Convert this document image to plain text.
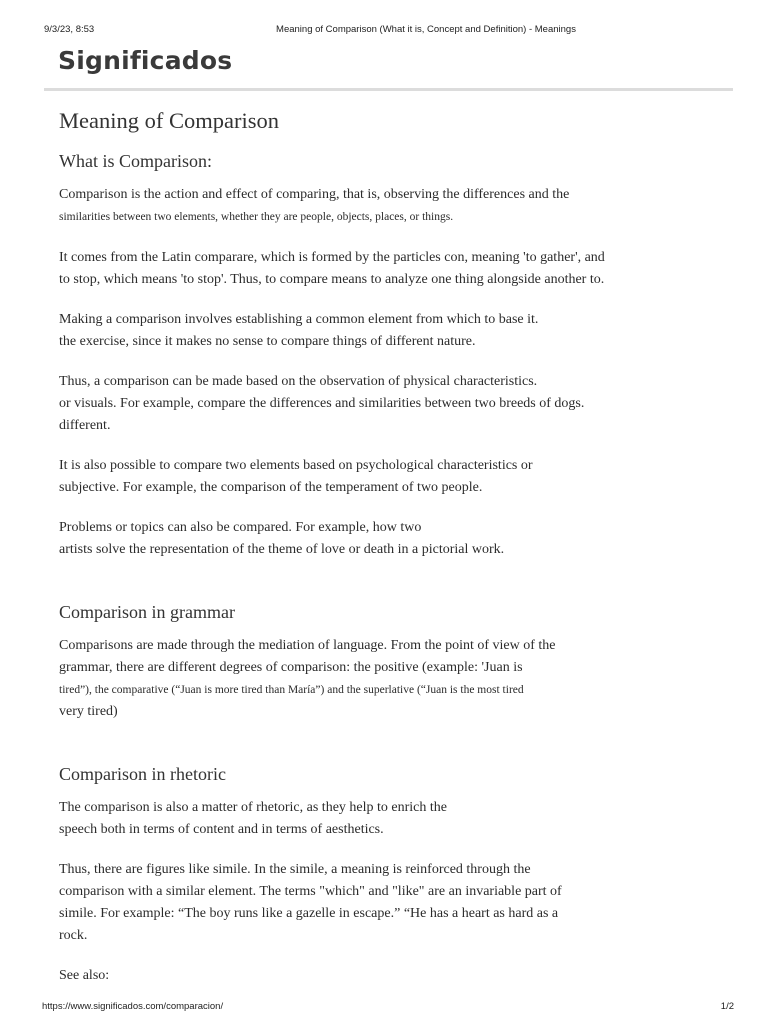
9/3/23, 8:53	Meaning of Comparison (What it is, Concept and Definition) - Meanings
Significados
Meaning of Comparison
What is Comparison:

Comparison is the action and effect of comparing, that is, observing the differences and the
similarities between two elements, whether they are people, objects, places, or things.

It comes from the Latin comparare, which is formed by the particles con, meaning 'to gather', and
to stop, which means 'to stop'. Thus, to compare means to analyze one thing alongside another to.

Making a comparison involves establishing a common element from which to base it.
the exercise, since it makes no sense to compare things of different nature.

Thus, a comparison can be made based on the observation of physical characteristics.
or visuals. For example, compare the differences and similarities between two breeds of dogs.
different.

It is also possible to compare two elements based on psychological characteristics or
subjective. For example, the comparison of the temperament of two people.

Problems or topics can also be compared. For example, how two
artists solve the representation of the theme of love or death in a pictorial work.

Comparison in grammar

Comparisons are made through the mediation of language. From the point of view of the
grammar, there are different degrees of comparison: the positive (example: 'Juan is
tired”), the comparative (“Juan is more tired than María”) and the superlative (“Juan is the most tired
very tired)

Comparison in rhetoric

The comparison is also a matter of rhetoric, as they help to enrich the
speech both in terms of content and in terms of aesthetics.

Thus, there are figures like simile. In the simile, a meaning is reinforced through the
comparison with a similar element. The terms "which" and "like" are an invariable part of
simile. For example: “The boy runs like a gazelle in escape.” “He has a heart as hard as a
rock.

See also:

https://www.significados.com/comparacion/	1/2
